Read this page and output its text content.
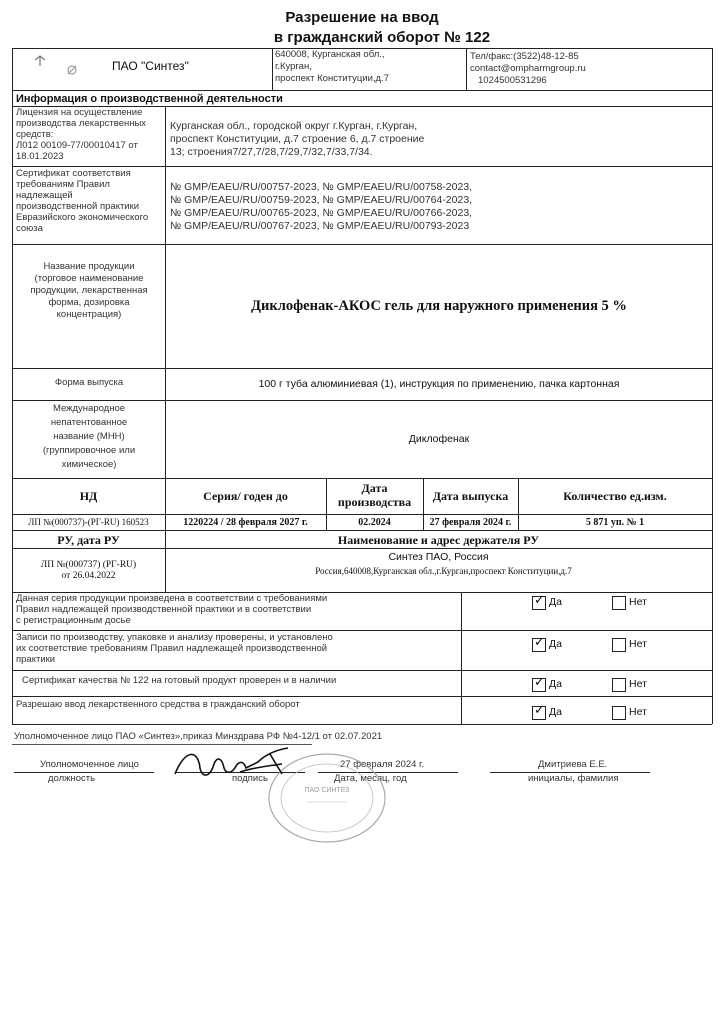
Разрешение на ввод
в гражданский оборот № 122
ПАО "Синтез"
640008, Курганская обл.,
г.Курган,
проспект Конституции,д.7
Тел/факс:(3522)48-12-85
contact@ompharmgroup.ru
1024500531296
Информация о производственной деятельности
Лицензия на осуществление
производства лекарственных
средств:
Л012 00109-77/00010417 от
18.01.2023
Курганская обл., городской округ г.Курган, г.Курган,
проспект Конституции, д.7 строение 6, д.7 строение
13; строения7/27,7/28,7/29,7/32,7/33,7/34.
Сертификат соответствия
требованиям Правил
надлежащей
производственной практики
Евразийского экономического
союза
№ GMP/EAEU/RU/00757-2023, № GMP/EAEU/RU/00758-2023,
№ GMP/EAEU/RU/00759-2023, № GMP/EAEU/RU/00764-2023,
№ GMP/EAEU/RU/00765-2023, № GMP/EAEU/RU/00766-2023,
№ GMP/EAEU/RU/00767-2023, № GMP/EAEU/RU/00793-2023
Название продукции
(торговое наименование
продукции, лекарственная
форма, дозировка
концентрация)
Диклофенак-АКОС гель для наружного применения 5 %
Форма выпуска	100 г туба алюминиевая (1), инструкция по применению, пачка картонная
Международное
непатентованное
название (МНН)
(группировочное или
химическое)
Диклофенак
НД	Серия/ годен до
Дата
производства	Дата выпуска	Количество ед.изм.
ЛП №(000737)-(РГ-RU) 160523	1220224 / 28 февраля 2027 г.	02.2024	27 февраля 2024 г.	5 871 уп. № 1
РУ, дата РУ	Наименование и адрес держателя РУ
ЛП №(000737) (РГ-RU)
от 26.04.2022
Синтез ПАО, Россия
Россия,640008,Курганская обл.,г.Курган,проспект Конституции,д.7
Данная серия продукции произведена в соответствии с требованиями
Правил надлежащей производственной практики и в соответствии
с регистрационным досье
✓ Да	Нет
Записи по производству, упаковке и анализу проверены, и установлено
их соответствие требованиям Правил надлежащей производственной
практики
✓ Да	Нет
Сертификат качества № 122 на готовый продукт проверен и в наличии	✓ Да	Нет
Разрешаю ввод лекарственного средства в гражданский оборот	✓ Да	Нет
Уполномоченное лицо ПАО «Синтез»,приказ Минздрава РФ №4-12/1 от 02.07.2021
Уполномоченное лицо
должность	подпись
27 февраля 2024 г.
Дата, месяц, год
Дмитриева Е.Е.
инициалы, фамилия
ПАО СИНТЕЗ
